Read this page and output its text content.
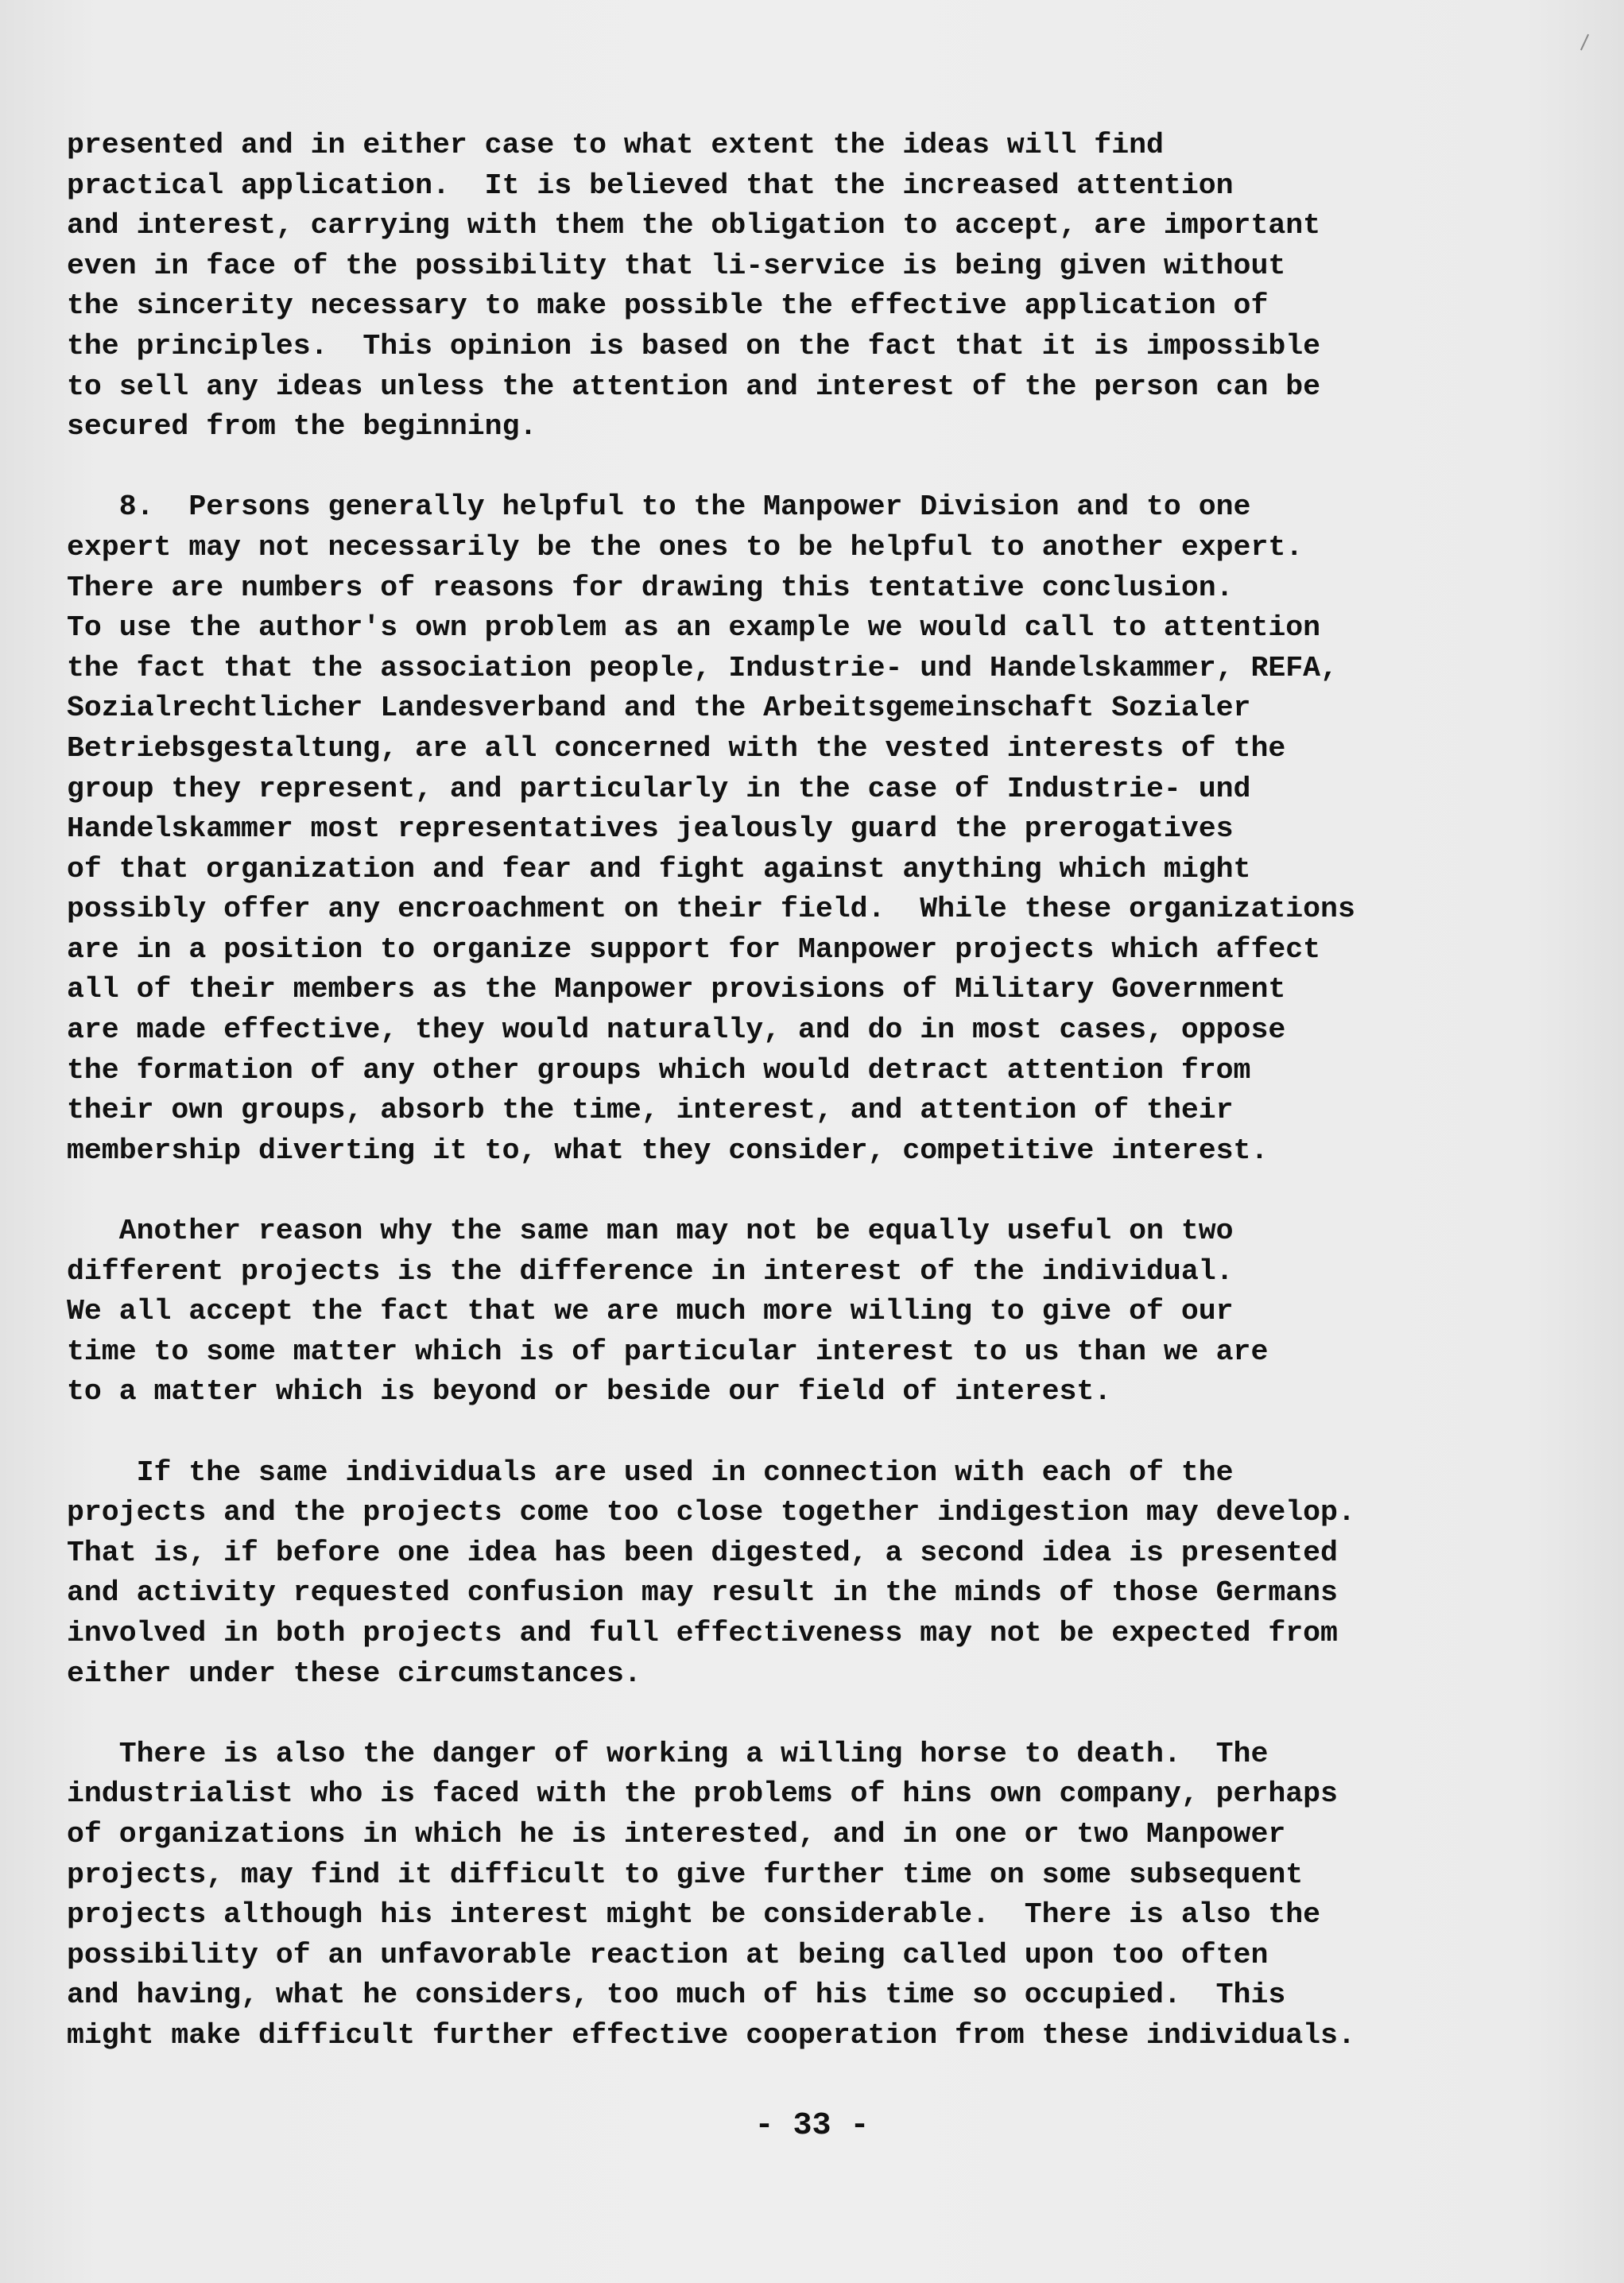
presented and in either case to what extent the ideas will find
practical application.  It is believed that the increased attention
and interest, carrying with them the obligation to accept, are important
even in face of the possibility that li-service is being given without
the sincerity necessary to make possible the effective application of
the principles.  This opinion is based on the fact that it is impossible
to sell any ideas unless the attention and interest of the person can be
secured from the beginning.
8.  Persons generally helpful to the Manpower Division and to one
expert may not necessarily be the ones to be helpful to another expert.
There are numbers of reasons for drawing this tentative conclusion.
To use the author's own problem as an example we would call to attention
the fact that the association people, Industrie- und Handelskammer, REFA,
Sozialrechtlicher Landesverband and the Arbeitsgemeinschaft Sozialer
Betriebsgestaltung, are all concerned with the vested interests of the
group they represent, and particularly in the case of Industrie- und
Handelskammer most representatives jealously guard the prerogatives
of that organization and fear and fight against anything which might
possibly offer any encroachment on their field.  While these organizations
are in a position to organize support for Manpower projects which affect
all of their members as the Manpower provisions of Military Government
are made effective, they would naturally, and do in most cases, oppose
the formation of any other groups which would detract attention from
their own groups, absorb the time, interest, and attention of their
membership diverting it to, what they consider, competitive interest.
Another reason why the same man may not be equally useful on two
different projects is the difference in interest of the individual.
We all accept the fact that we are much more willing to give of our
time to some matter which is of particular interest to us than we are
to a matter which is beyond or beside our field of interest.
If the same individuals are used in connection with each of the
projects and the projects come too close together indigestion may develop.
That is, if before one idea has been digested, a second idea is presented
and activity requested confusion may result in the minds of those Germans
involved in both projects and full effectiveness may not be expected from
either under these circumstances.
There is also the danger of working a willing horse to death.  The
industrialist who is faced with the problems of hins own company, perhaps
of organizations in which he is interested, and in one or two Manpower
projects, may find it difficult to give further time on some subsequent
projects although his interest might be considerable.  There is also the
possibility of an unfavorable reaction at being called upon too often
and having, what he considers, too much of his time so occupied.  This
might make difficult further effective cooperation from these individuals.
- 33 -
